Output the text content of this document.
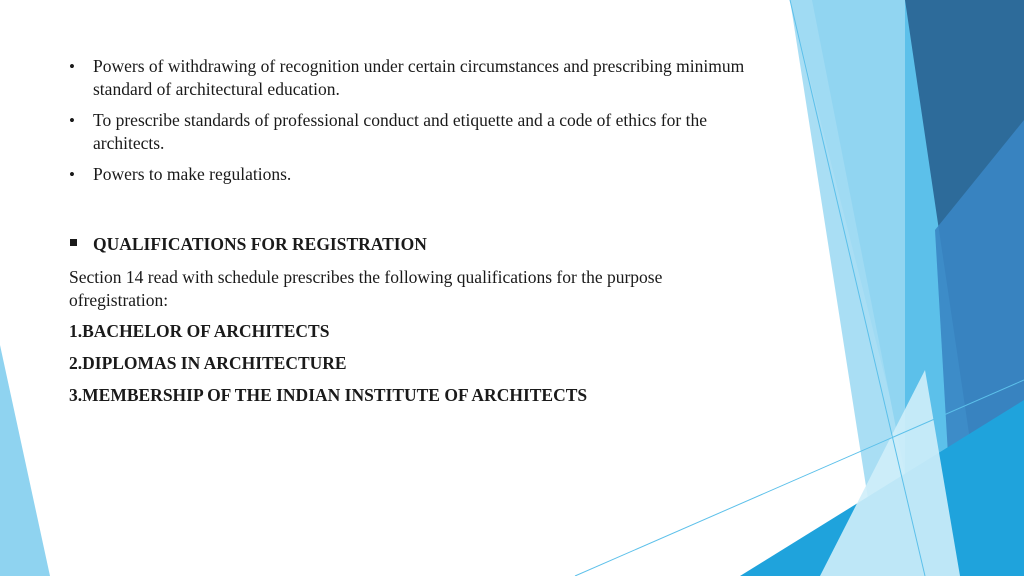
• Powers of withdrawing of recognition under certain circumstances and prescribing minimum standard of architectural education.
• To prescribe standards of professional conduct and etiquette and a code of ethics for the architects.
• Powers to make regulations.
QUALIFICATIONS FOR REGISTRATION
Section 14 read with schedule prescribes the following qualifications for the purpose ofregistration:
1.BACHELOR OF ARCHITECTS
2.DIPLOMAS IN ARCHITECTURE
3.MEMBERSHIP OF THE INDIAN INSTITUTE OF ARCHITECTS
